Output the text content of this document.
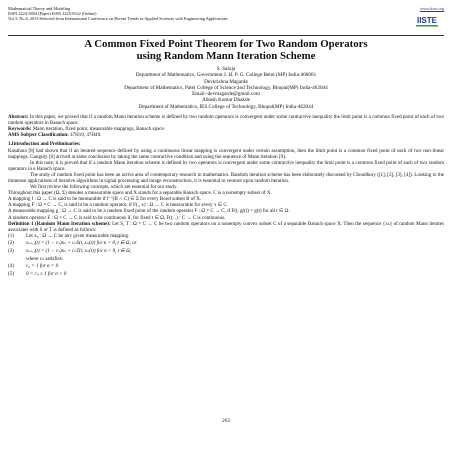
Mathematical Theory and Modeling
ISSN 2224-5804 (Paper) ISSN 2225-0522 (Online)
Vol.3, No.6, 2013-Selected from International Conference on Recent Trends in Applied Sciences with Engineering Applications
www.iiste.org
IISTE
A Common Fixed Point Theorem for Two Random Operators
using Random Mann Iteration Scheme
S. Saluja
Department of Mathematics, Government J. H. P. G. College Betul (MP) India-460001
Devkrishna Magarde
Department of Mathematics, Patel College of Science and Technology, Bhopal(MP) India-462044
Email:-devmagarde@gmail.com
Alkesh Kumar Dhakde
Department of Mathematics, IES College of Technology, Bhopal(MP) India-462044

Abstract: In this paper, we proved that if a random Mann iteration scheme is defined by two random operators is convergent under some contractive inequality the limit point is a common fixed point of each of two random operators in Banach space.

Keywords: Mann iteration, fixed point, measurable mappings, Banach space.

AMS Subject Classification: 47H10, 47H40.

1.Introduction and Preliminaries:

Kasahara [8] had shown that if an iterated sequence defined by using a continuous linear mapping is convergent under certain assumption, then the limit point is a common fixed point of each of two non-linear mappings. Ganguly [6] arrived at same conclusion by taking the same contractive condition and using the sequence of Mann iteration [9].

In this note, it is proved that if a random Mann iteration scheme is defined by two operators is convergent under some contractive inequality the limit point is a common fixed point of each of two random operators in a Banach space.

The study of random fixed point has been an active area of contemporary research in mathematics. Random iteration scheme has been elaborately discussed by Choudhury ([1], [2], [3], [4]). Looking to the immense applications of iterative algorithms in signal processing and image reconstruction, it is essential to venture upon random iteration.

We first review the following concepts, which are essential for our study.

Throughout this paper (Ω, Σ) denotes a measurable space and X stands for a separable Banach space. C is a nonempty subset of X.

A mapping f : Ω → C is said to be measurable if f⁻¹(B ∩ C) ∈ Σ for every Borel subset B of X.

A mapping F : Ω × C → C, is said to be a random operator, if F(., x) : Ω → C is measurable for every x ∈ C.

A measurable mapping g : Ω → C is said to be a random fixed point of the random operator F : Ω × C → C, if F(t, g(t)) = g(t) for all t ∈ Ω.

A random operator F : Ω × C → C is said to be continuous if, for fixed t ∈ Ω, F(t, .) : C → C is continuous.

Definition 1 (Random Mann Iteration scheme): Let S, T : Ω × C → C be two random operators on a nonempty convex subset C of a separable Banach space X. Then the sequence {xₙ} of random Mann iterates associates with S or T is defined as follows:

(1)	Let x₀ : Ω → C be any given measurable mapping.
(2)	xₙ₊₁(t) = (1 − cₙ)xₙ + cₙS(t, xₙ(t)) for n > 0, t ∈ Ω, or
(3)	xₙ₊₁(t) = (1 − cₙ)xₙ + cₙT(t, xₙ(t)) for n > 0, t ∈ Ω,
where cₙ satisfies:
(4)	c₀ = 1 for n = 0
(5)	0 < cₙ ≤ 1 for n > 0
263
